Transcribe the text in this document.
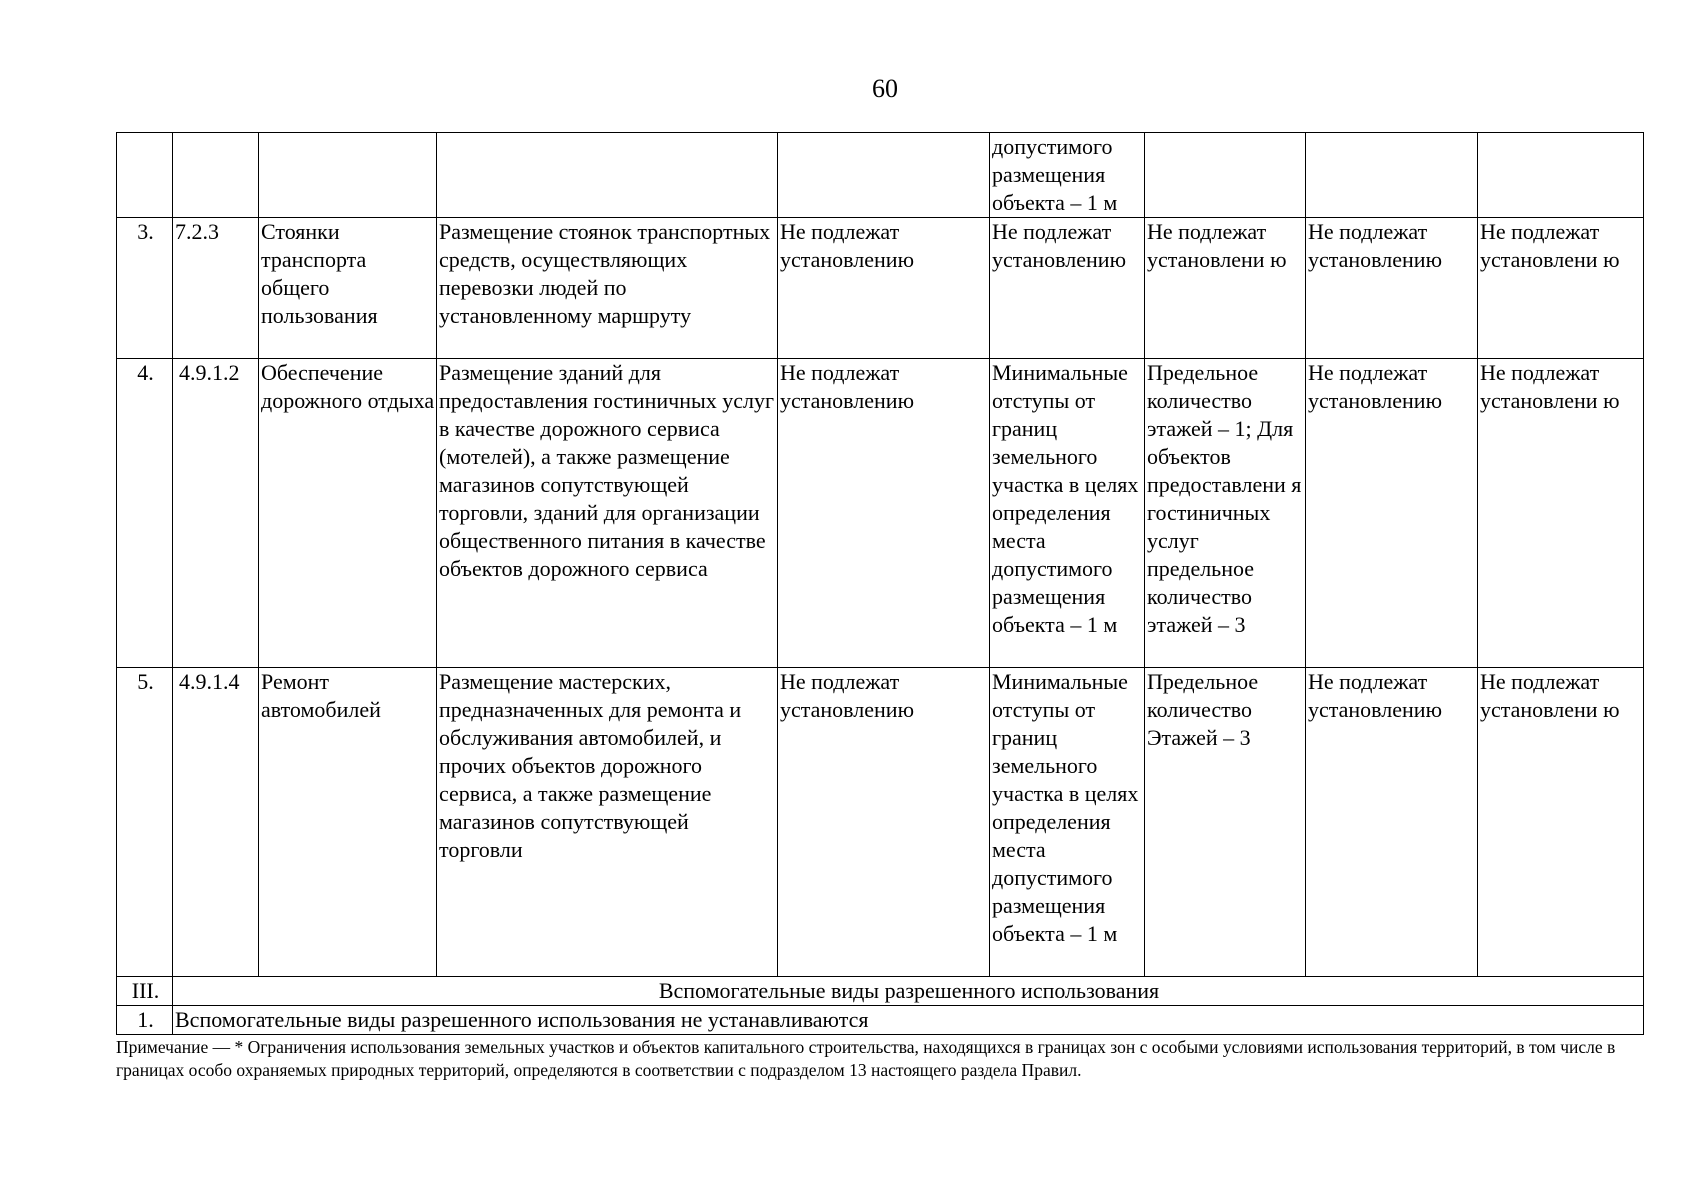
60
					допустимого размещения объекта – 1 м			
3.	7.2.3	Стоянки транспорта общего пользования	Размещение стоянок транспортных средств, осуществляющих перевозки людей по установленному маршруту	Не подлежат установлению	Не подлежат установлению	Не подлежат установлени ю	Не подлежат установлению	Не подлежат установлени ю
4.	4.9.1.2	Обеспечение дорожного отдыха	Размещение зданий для предоставления гостиничных услуг в качестве дорожного сервиса (мотелей), а также размещение магазинов сопутствующей торговли, зданий для организации общественного питания в качестве объектов дорожного сервиса	Не подлежат установлению	Минимальные отступы от границ земельного участка в целях определения места допустимого размещения объекта – 1 м	Предельное количество этажей – 1; Для объектов предоставлени я гостиничных услуг предельное количество этажей – 3	Не подлежат установлению	Не подлежат установлени ю
5.	4.9.1.4	Ремонт автомобилей	Размещение мастерских, предназначенных для ремонта и обслуживания автомобилей, и прочих объектов дорожного сервиса, а также размещение магазинов сопутствующей торговли	Не подлежат установлению	Минимальные отступы от границ земельного участка в целях определения места допустимого размещения объекта – 1 м	Предельное количество Этажей – 3	Не подлежат установлению	Не подлежат установлени ю
III.	Вспомогательные виды разрешенного использования							
1.	Вспомогательные виды разрешенного использования не устанавливаются							
Примечание — * Ограничения использования земельных участков и объектов капитального строительства, находящихся в границах зон с особыми условиями использования территорий, в том числе в границах особо охраняемых природных территорий, определяются в соответствии с подразделом 13 настоящего раздела Правил.
